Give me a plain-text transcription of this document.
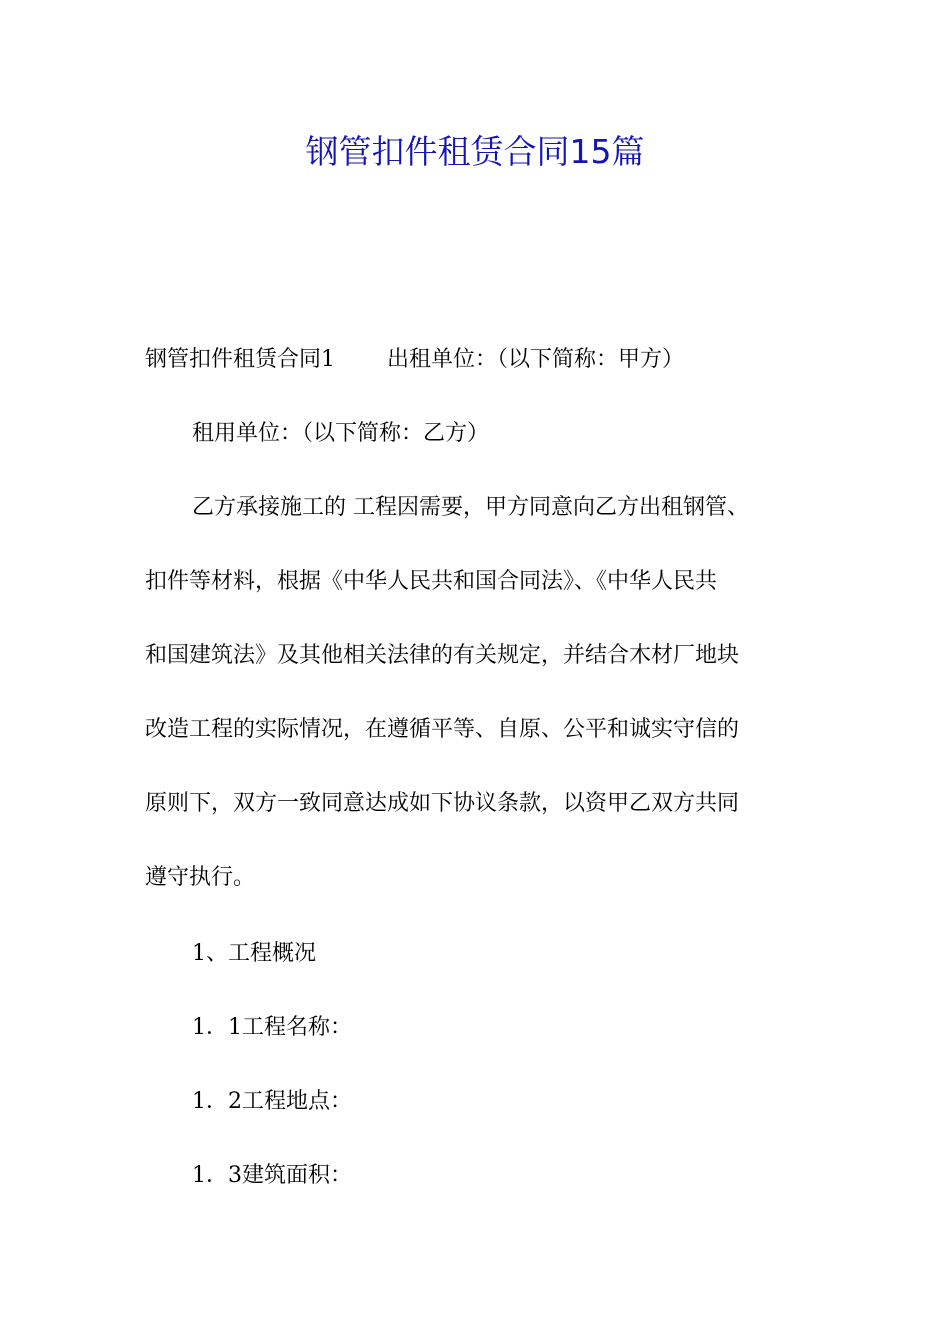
钢管扣件租赁合同15篇

钢管扣件租赁合同1 出租单位：（以下简称：甲方）

租用单位：（以下简称：乙方）

乙方承接施工的 工程因需要，甲方同意向乙方出租钢管、

扣件等材料，根据《中华人民共和国合同法》、《中华人民共

和国建筑法》及其他相关法律的有关规定，并结合木材厂地块

改造工程的实际情况，在遵循平等、自原、公平和诚实守信的

原则下，双方一致同意达成如下协议条款，以资甲乙双方共同

遵守执行。

1、工程概况

1．1工程名称：

1．2工程地点：

1．3建筑面积：
